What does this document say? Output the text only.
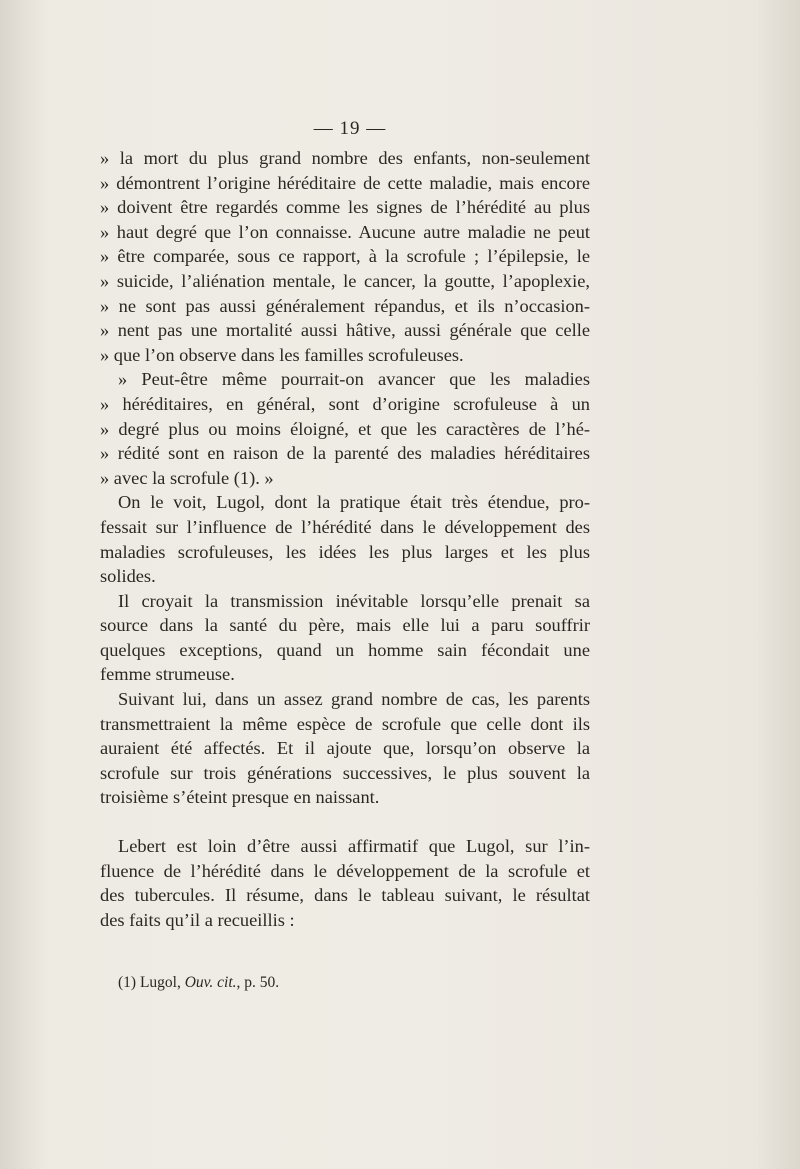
— 19 —
» la mort du plus grand nombre des enfants, non-seulement
» démontrent l’origine héréditaire de cette maladie, mais encore
» doivent être regardés comme les signes de l’hérédité au plus
» haut degré que l’on connaisse. Aucune autre maladie ne peut
» être comparée, sous ce rapport, à la scrofule ; l’épilepsie, le
» suicide, l’aliénation mentale, le cancer, la goutte, l’apoplexie,
» ne sont pas aussi généralement répandus, et ils n’occasion-
» nent pas une mortalité aussi hâtive, aussi générale que celle
» que l’on observe dans les familles scrofuleuses.
» Peut-être même pourrait-on avancer que les maladies
» héréditaires, en général, sont d’origine scrofuleuse à un
» degré plus ou moins éloigné, et que les caractères de l’hé-
» rédité sont en raison de la parenté des maladies héréditaires
» avec la scrofule (1). »
On le voit, Lugol, dont la pratique était très étendue, pro-
fessait sur l’influence de l’hérédité dans le développement des
maladies scrofuleuses, les idées les plus larges et les plus
solides.
Il croyait la transmission inévitable lorsqu’elle prenait sa
source dans la santé du père, mais elle lui a paru souffrir
quelques exceptions, quand un homme sain fécondait une
femme strumeuse.
Suivant lui, dans un assez grand nombre de cas, les parents
transmettraient la même espèce de scrofule que celle dont ils
auraient été affectés. Et il ajoute que, lorsqu’on observe la
scrofule sur trois générations successives, le plus souvent la
troisième s’éteint presque en naissant.
Lebert est loin d’être aussi affirmatif que Lugol, sur l’in-
fluence de l’hérédité dans le développement de la scrofule et
des tubercules. Il résume, dans le tableau suivant, le résultat
des faits qu’il a recueillis :
(1) Lugol, Ouv. cit., p. 50.
